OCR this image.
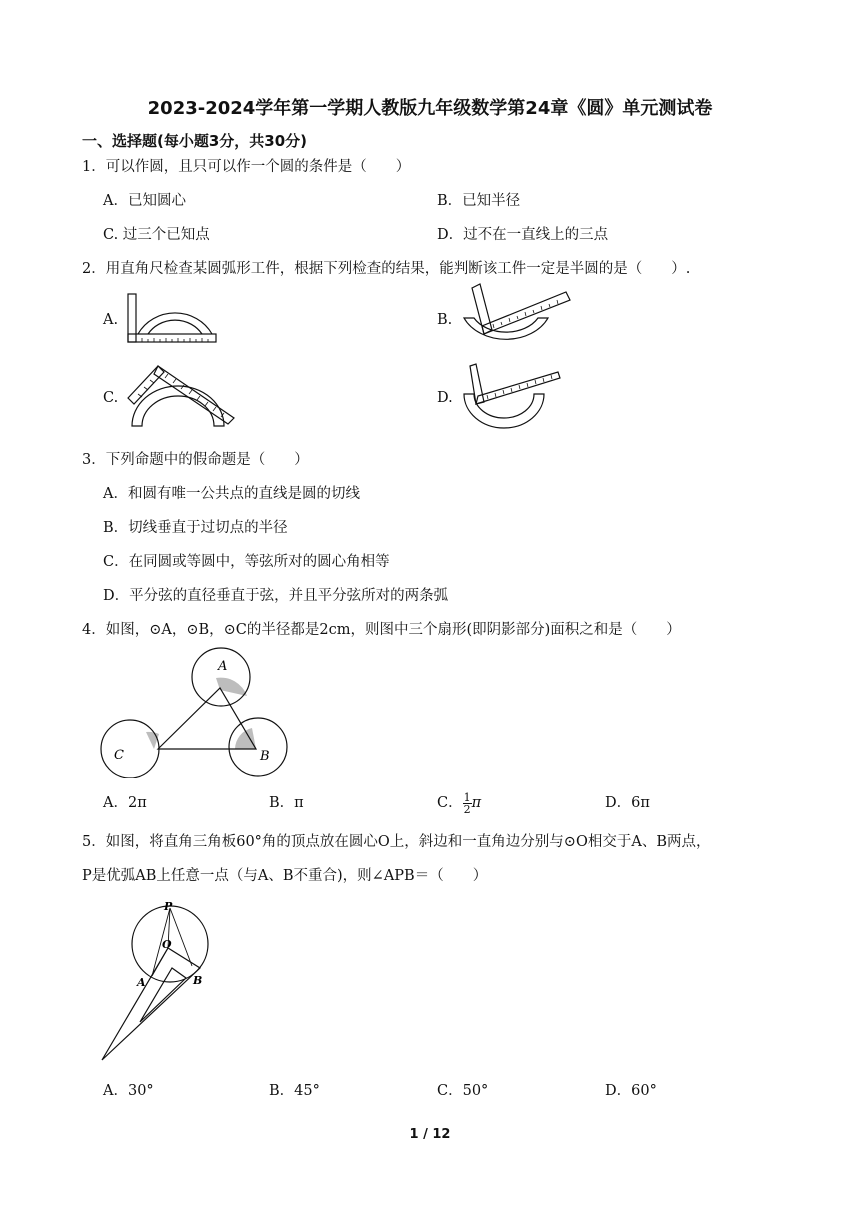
2023-2024学年第一学期人教版九年级数学第24章《圆》单元测试卷
一、选择题(每小题3分，共30分)
1．可以作圆，且只可以作一个圆的条件是（　　）
A．已知圆心	B．已知半径
C. 过三个已知点	D．过不在一直线上的三点
2．用直角尺检查某圆弧形工件，根据下列检查的结果，能判断该工件一定是半圆的是（　　）.
A.	B.
C.	D.
3．下列命题中的假命题是（　　）
A．和圆有唯一公共点的直线是圆的切线
B．切线垂直于过切点的半径
C．在同圆或等圆中，等弦所对的圆心角相等
D．平分弦的直径垂直于弦，并且平分弦所对的两条弧
4．如图，⊙A，⊙B，⊙C的半径都是2cm，则图中三个扇形(即阴影部分)面积之和是（　　）
A
C	B
A．2π	B．π	C． $\frac{1}{2}$ π	D．6π
5．如图，将直角三角板60°角的顶点放在圆心O上，斜边和一直角边分别与⊙O相交于A、B两点，
P是优弧AB上任意一点（与A、B不重合)，则∠APB＝（　　）
P
O
A	B
A．30°	B．45°	C．50°	D．60°
1 / 12
